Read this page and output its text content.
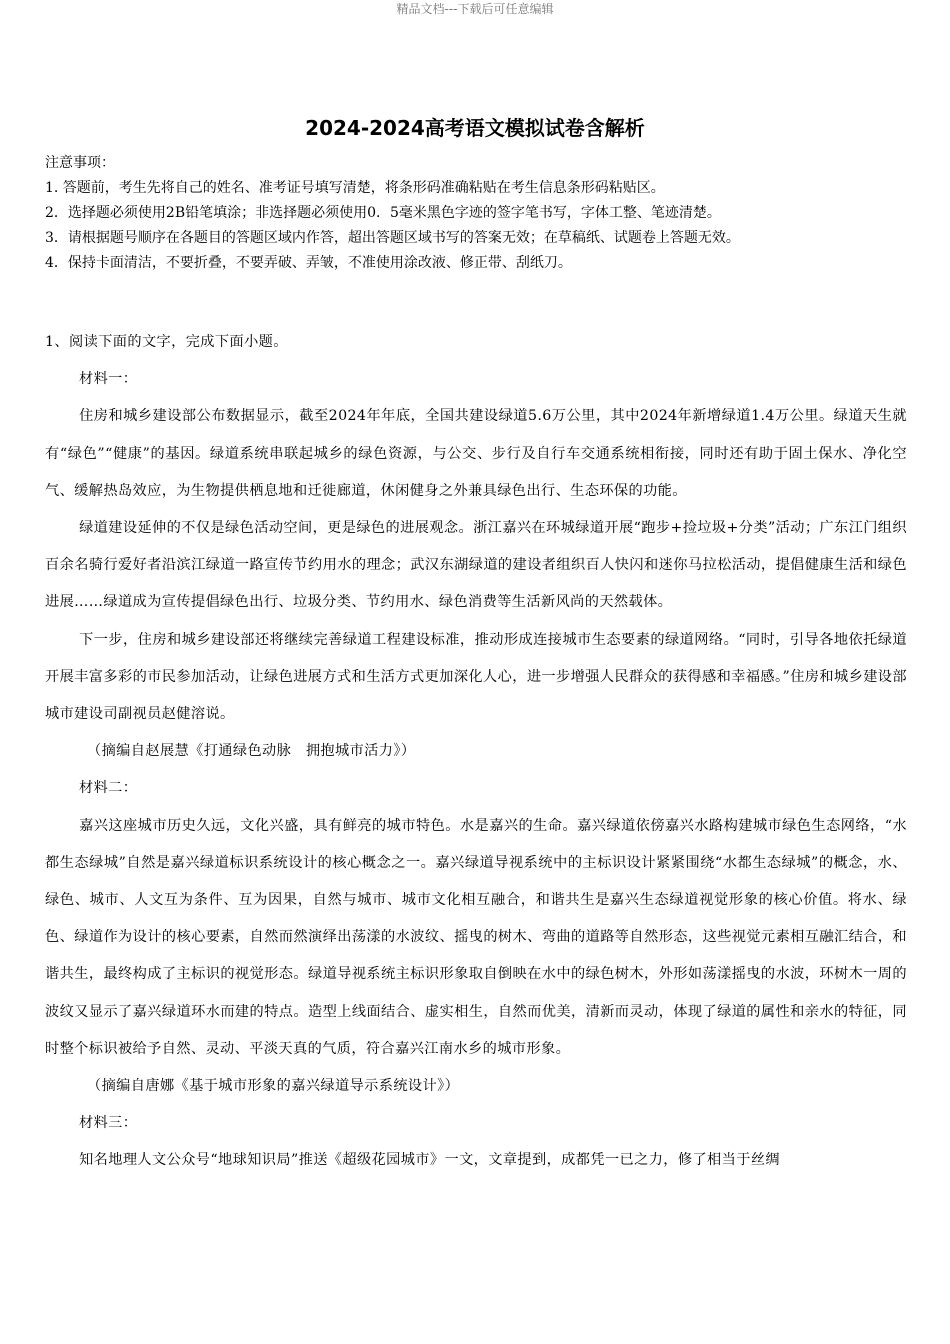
精品文档---下载后可任意编辑
2024-2024高考语文模拟试卷含解析
注意事项：
1. 答题前，考生先将自己的姓名、准考证号填写清楚，将条形码准确粘贴在考生信息条形码粘贴区。
2．选择题必须使用2B铅笔填涂；非选择题必须使用0．5毫米黑色字迹的签字笔书写，字体工整、笔迹清楚。
3．请根据题号顺序在各题目的答题区域内作答，超出答题区域书写的答案无效；在草稿纸、试题卷上答题无效。
4．保持卡面清洁，不要折叠，不要弄破、弄皱，不准使用涂改液、修正带、刮纸刀。

1、阅读下面的文字，完成下面小题。

材料一：

住房和城乡建设部公布数据显示，截至2024年年底，全国共建设绿道5.6万公里，其中2024年新增绿道1.4万公里。绿道天生就有“绿色”“健康”的基因。绿道系统串联起城乡的绿色资源，与公交、步行及自行车交通系统相衔接，同时还有助于固土保水、净化空气、缓解热岛效应，为生物提供栖息地和迁徙廊道，休闲健身之外兼具绿色出行、生态环保的功能。

绿道建设延伸的不仅是绿色活动空间，更是绿色的进展观念。浙江嘉兴在环城绿道开展“跑步+捡垃圾+分类”活动；广东江门组织百余名骑行爱好者沿滨江绿道一路宣传节约用水的理念；武汉东湖绿道的建设者组织百人快闪和迷你马拉松活动，提倡健康生活和绿色进展……绿道成为宣传提倡绿色出行、垃圾分类、节约用水、绿色消费等生活新风尚的天然载体。

下一步，住房和城乡建设部还将继续完善绿道工程建设标准，推动形成连接城市生态要素的绿道网络。“同时，引导各地依托绿道开展丰富多彩的市民参加活动，让绿色进展方式和生活方式更加深化人心，进一步增强人民群众的获得感和幸福感。”住房和城乡建设部城市建设司副视员赵健溶说。

（摘编自赵展慧《打通绿色动脉　拥抱城市活力》）

材料二：

嘉兴这座城市历史久远，文化兴盛，具有鲜亮的城市特色。水是嘉兴的生命。嘉兴绿道依傍嘉兴水路构建城市绿色生态网络，“水都生态绿城”自然是嘉兴绿道标识系统设计的核心概念之一。嘉兴绿道导视系统中的主标识设计紧紧围绕“水都生态绿城”的概念，水、绿色、城市、人文互为条件、互为因果，自然与城市、城市文化相互融合，和谐共生是嘉兴生态绿道视觉形象的核心价值。将水、绿色、绿道作为设计的核心要素，自然而然演绎出荡漾的水波纹、摇曳的树木、弯曲的道路等自然形态，这些视觉元素相互融汇结合，和谐共生，最终构成了主标识的视觉形态。绿道导视系统主标识形象取自倒映在水中的绿色树木，外形如荡漾摇曳的水波，环树木一周的波纹又显示了嘉兴绿道环水而建的特点。造型上线面结合、虚实相生，自然而优美，清新而灵动，体现了绿道的属性和亲水的特征，同时整个标识被给予自然、灵动、平淡天真的气质，符合嘉兴江南水乡的城市形象。

（摘编自唐娜《基于城市形象的嘉兴绿道导示系统设计》）

材料三：

知名地理人文公众号“地球知识局”推送《超级花园城市》一文，文章提到，成都凭一已之力，修了相当于丝绸
